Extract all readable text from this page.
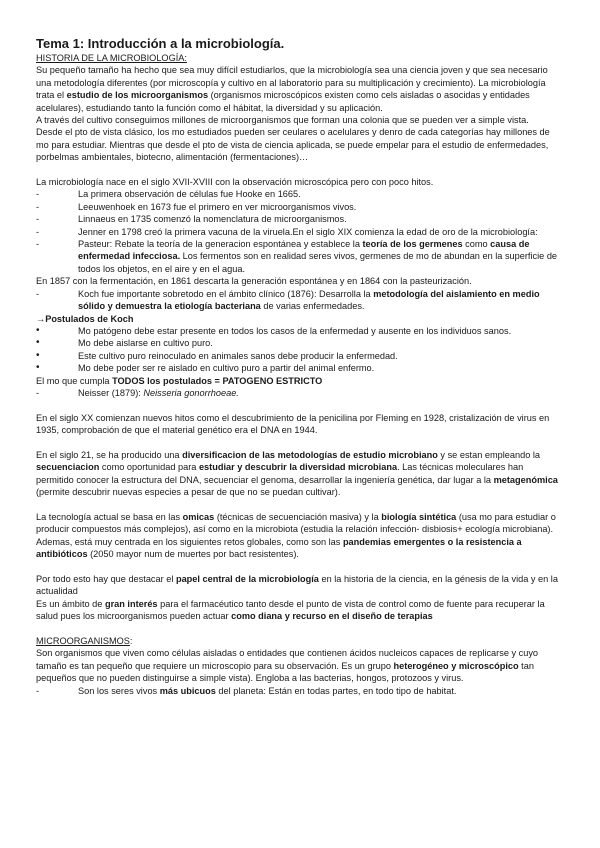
Tema 1: Introducción a la microbiología.

HISTORIA DE LA MICROBIOLOGÍA:

Su pequeño tamaño ha hecho que sea muy difícil estudiarlos, que la microbiología sea una ciencia joven y que sea necesario una metodología diferentes (por microscopía y cultivo en al laboratorio para su multiplicación y crecimiento). La microbiología trata el estudio de los microorganismos (organismos microscópicos existen como cels aisladas o asocidas y entidades acelulares), estudiando tanto la función como el hábitat, la diversidad y su aplicación.

A través del cultivo conseguimos millones de microorganismos que forman una colonia que se pueden ver a simple vista.

Desde el pto de vista clásico, los mo estudiados pueden ser ceulares o acelulares y denro de cada categorías hay millones de mo para estudiar. Mientras que desde el pto de vista de ciencia aplicada, se puede empelar para el estudio de enfermedades, porbelmas ambientales, biotecno, alimentación (fermentaciones)…

La microbiología nace en el siglo XVII-XVIII con la observación microscópica pero con poco hitos.

- La primera observación de células fue Hooke en 1665.

- Leeuwenhoek en 1673 fue el primero en ver microorganismos vivos.

- Linnaeus en 1735 comenzó la nomenclatura de microorganismos.

- Jenner en 1798 creó la primera vacuna de la viruela.En el siglo XIX comienza la edad de oro de la microbiología:

- Pasteur: Rebate la teoría de la generacion espontánea y establece la teoría de los germenes como causa de enfermedad infecciosa. Los fermentos son en realidad seres vivos, germenes de mo de abundan en la superficie de todos los objetos, en el aire y en el agua.

En 1857 con la fermentación, en 1861 descarta la generación espontánea y en 1864 con la pasteurización.

- Koch fue importante sobretodo en el ámbito clínico (1876): Desarrolla la metodología del aislamiento en medio sólido y demuestra la etiología bacteriana de varias enfermedades.

→Postulados de Koch

• Mo patógeno debe estar presente en todos los casos de la enfermedad y ausente en los individuos sanos.

• Mo debe aislarse en cultivo puro.

• Este cultivo puro reinoculado en animales sanos debe producir la enfermedad.

• Mo debe poder ser re aislado en cultivo puro a partir del animal enfermo.

El mo que cumpla TODOS los postulados = PATOGENO ESTRICTO

- Neisser (1879): Neisseria gonorrhoeae.

En el siglo XX comienzan nuevos hitos como el descubrimiento de la penicilina por Fleming en 1928, cristalización de virus en 1935, comprobación de que el material genético era el DNA en 1944.

En el siglo 21, se ha producido una diversificacion de las metodologías de estudio microbiano y se estan empleando la secuenciacion como oportunidad para estudiar y descubrir la diversidad microbiana. Las técnicas moleculares han permitido conocer la estructura del DNA, secuenciar el genoma, desarrollar la ingeniería genética, dar lugar a la metagenómica (permite descubrir nuevas especies a pesar de que no se puedan cultivar).

La tecnología actual se basa en las omicas (técnicas de secuenciación masiva) y la biología sintética (usa mo para estudiar o producir compuestos más complejos), así como en la microbiota (estudia la relación infección- disbiosis+ ecología microbiana). Ademas, está muy centrada en los siguientes retos globales, como son las pandemias emergentes o la resistencia a antibióticos (2050 mayor num de muertes por bact resistentes).

Por todo esto hay que destacar el papel central de la microbiología en la historia de la ciencia, en la génesis de la vida y en la actualidad

Es un ámbito de gran interés para el farmacéutico tanto desde el punto de vista de control como de fuente para recuperar la salud pues los microorganismos pueden actuar como diana y recurso en el diseño de terapias

MICROORGANISMOS:

Son organismos que viven como células aisladas o entidades que contienen ácidos nucleicos capaces de replicarse y cuyo tamaño es tan pequeño que requiere un microscopio para su observación. Es un grupo heterogéneo y microscópico tan pequeños que no pueden distinguirse a simple vista). Engloba a las bacterias, hongos, protozoos y virus.

- Son los seres vivos más ubicuos del planeta: Están en todas partes, en todo tipo de habitat.
